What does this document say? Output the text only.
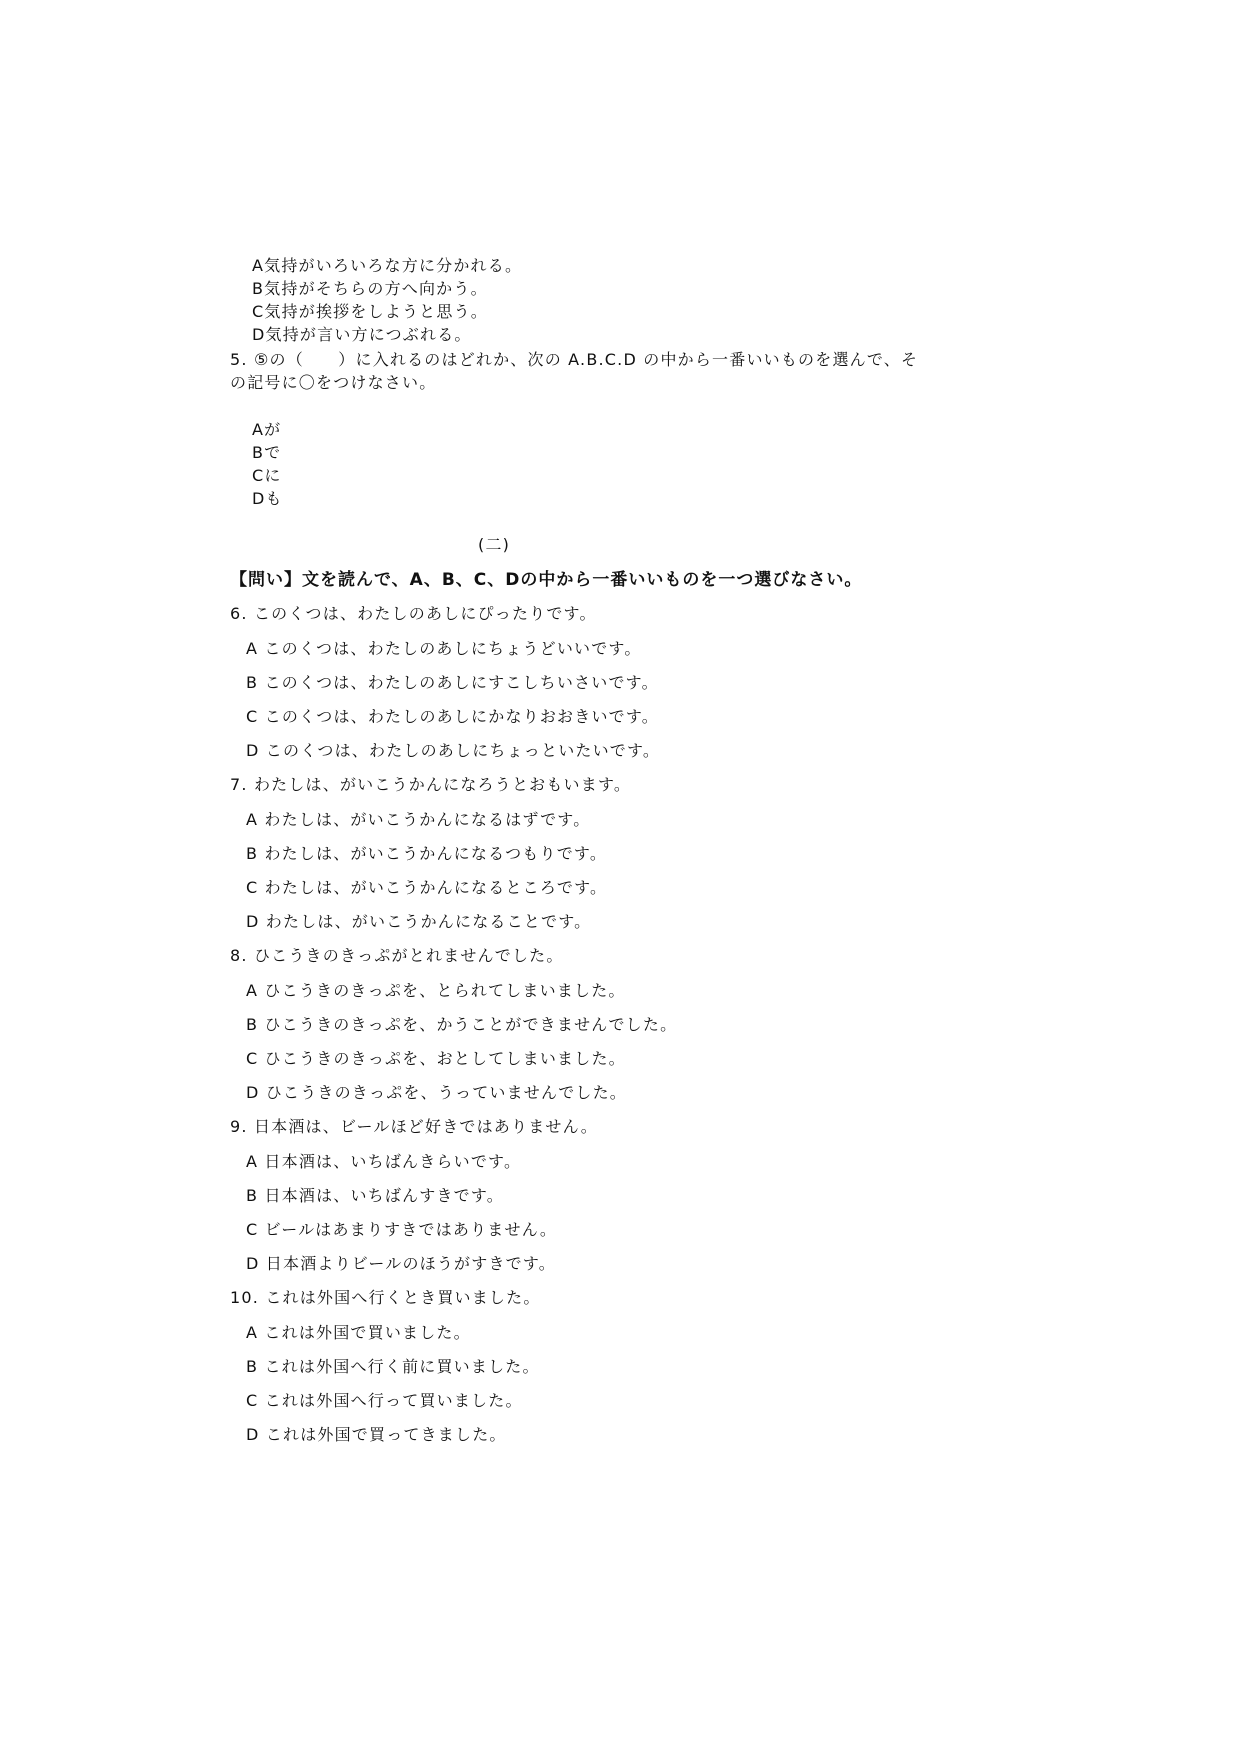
A気持がいろいろな方に分かれる。
B気持がそちらの方へ向かう。
C気持が挨拶をしようと思う。
D気持が言い方につぶれる。
5. ⑤の（　　）に入れるのはどれか、次の A.B.C.D の中から一番いいものを選んで、そ
の記号に〇をつけなさい。
Aが
Bで
Cに
Dも
(二)
【問い】文を読んで、A、B、C、Dの中から一番いいものを一つ選びなさい。
6. このくつは、わたしのあしにぴったりです。
A このくつは、わたしのあしにちょうどいいです。
B このくつは、わたしのあしにすこしちいさいです。
C このくつは、わたしのあしにかなりおおきいです。
D このくつは、わたしのあしにちょっといたいです。
7. わたしは、がいこうかんになろうとおもいます。
A わたしは、がいこうかんになるはずです。
B わたしは、がいこうかんになるつもりです。
C わたしは、がいこうかんになるところです。
D わたしは、がいこうかんになることです。
8. ひこうきのきっぷがとれませんでした。
A ひこうきのきっぷを、とられてしまいました。
B ひこうきのきっぷを、かうことができませんでした。
C ひこうきのきっぷを、おとしてしまいました。
D ひこうきのきっぷを、うっていませんでした。
9. 日本酒は、ビールほど好きではありません。
A 日本酒は、いちばんきらいです。
B 日本酒は、いちばんすきです。
C ビールはあまりすきではありません。
D 日本酒よりビールのほうがすきです。
10. これは外国へ行くとき買いました。
A これは外国で買いました。
B これは外国へ行く前に買いました。
C これは外国へ行って買いました。
D これは外国で買ってきました。
